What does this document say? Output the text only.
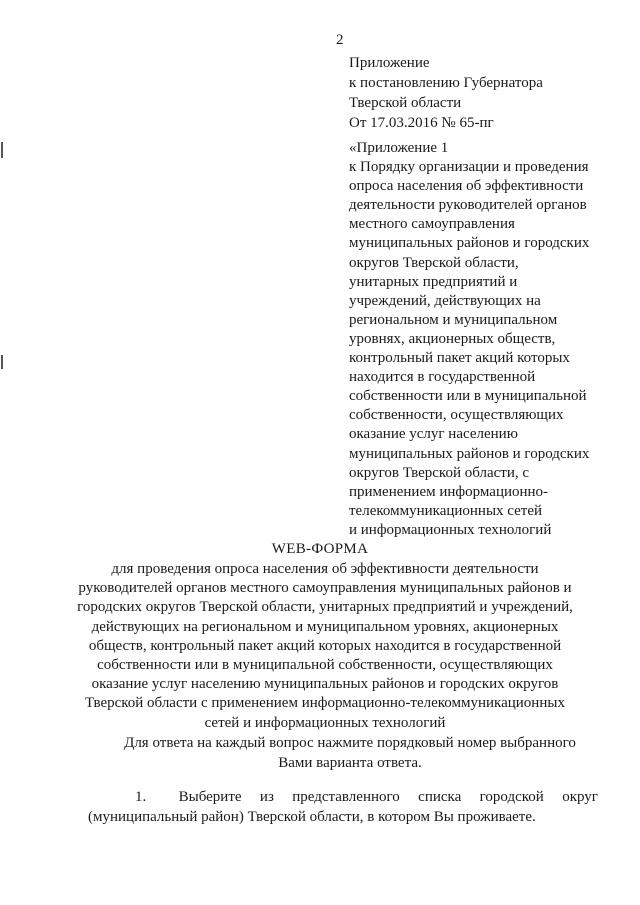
2
Приложение
к постановлению Губернатора
Тверской области
От 17.03.2016 № 65-пг
«Приложение 1
к Порядку организации и проведения
опроса населения об эффективности
деятельности руководителей органов
местного самоуправления
муниципальных районов и городских
округов Тверской области,
унитарных предприятий и
учреждений, действующих на
региональном и муниципальном
уровнях, акционерных обществ,
контрольный пакет акций которых
находится в государственной
собственности или в муниципальной
собственности, осуществляющих
оказание услуг населению
муниципальных районов и городских
округов Тверской области, с
применением информационно-
телекоммуникационных сетей
и информационных технологий
WEB-ФОРМА
для проведения опроса населения об эффективности деятельности
руководителей органов местного самоуправления муниципальных районов и
городских округов Тверской области, унитарных предприятий и учреждений,
действующих на региональном и муниципальном уровнях, акционерных
обществ, контрольный пакет акций которых находится в государственной
собственности или в муниципальной собственности, осуществляющих
оказание услуг населению муниципальных районов и городских округов
Тверской области с применением информационно-телекоммуникационных
сетей и информационных технологий
Для ответа на каждый вопрос нажмите порядковый номер выбранного
Вами варианта ответа.
1. Выберите из представленного списка городской округ
(муниципальный район) Тверской области, в котором Вы проживаете.
